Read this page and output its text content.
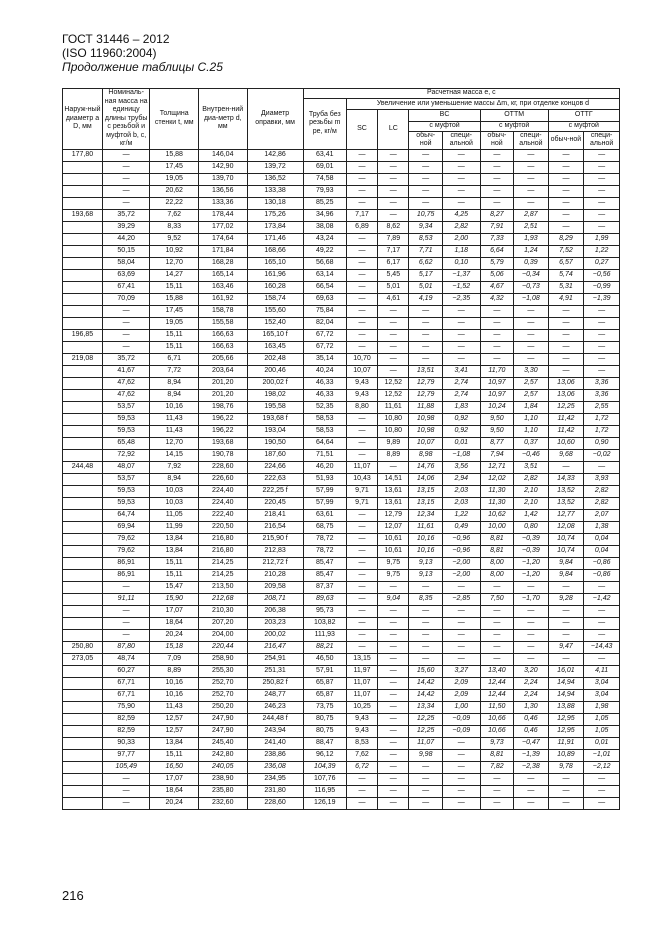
ГОСТ 31446 – 2012
(ISO 11960:2004)
Продолжение таблицы С.25
Наруж-ный диаметр a D, мм	Номиналь-ная масса на единицу длины трубы с резьбой и муфтой b, c, кг/м	Толщина стенки t, мм	Внутрен-ний диа-метр d, мм	Диаметр оправки, мм	Расчетная масса e, c								
					Труба без резьбы m pe, кг/м	Увеличение или уменьшение массы Δm, кг, при отделке концов d							
						SC	LC	BC		ОТТМ		ОТТГ	
								с муфтой		с муфтой		с муфтой	
								обыч-ной	специ-альной	обыч-ной	специ-альной	обыч-ной	специ-альной
177,80	—	15,88	146,04	142,86	63,41	—	—	—	—	—	—	—	—
	—	17,45	142,90	139,72	69,01	—	—	—	—	—	—	—	—
	—	19,05	139,70	136,52	74,58	—	—	—	—	—	—	—	—
	—	20,62	136,56	133,38	79,93	—	—	—	—	—	—	—	—
	—	22,22	133,36	130,18	85,25	—	—	—	—	—	—	—	—
193,68	35,72	7,62	178,44	175,26	34,96	7,17	—	10,75	4,25	8,27	2,87	—	—
	39,29	8,33	177,02	173,84	38,08	6,89	8,62	9,34	2,82	7,91	2,51	—	—
	44,20	9,52	174,64	171,46	43,24	—	7,89	8,53	2,00	7,33	1,93	8,29	1,99
	50,15	10,92	171,84	168,66	49,22	—	7,17	7,71	1,18	6,64	1,24	7,52	1,22
	58,04	12,70	168,28	165,10	56,68	—	6,17	6,62	0,10	5,79	0,39	6,57	0,27
	63,69	14,27	165,14	161,96	63,14	—	5,45	5,17	−1,37	5,06	−0,34	5,74	−0,56
	67,41	15,11	163,46	160,28	66,54	—	5,01	5,01	−1,52	4,67	−0,73	5,31	−0,99
	70,09	15,88	161,92	158,74	69,63	—	4,61	4,19	−2,35	4,32	−1,08	4,91	−1,39
	—	17,45	158,78	155,60	75,84	—	—	—	—	—	—	—	—
	—	19,05	155,58	152,40	82,04	—	—	—	—	—	—	—	—
196,85	—	15,11	166,63	165,10 f	67,72	—	—	—	—	—	—	—	—
	—	15,11	166,63	163,45	67,72	—	—	—	—	—	—	—	—
219,08	35,72	6,71	205,66	202,48	35,14	10,70	—	—	—	—	—	—	—
	41,67	7,72	203,64	200,46	40,24	10,07	—	13,51	3,41	11,70	3,30	—	—
	47,62	8,94	201,20	200,02 f	46,33	9,43	12,52	12,79	2,74	10,97	2,57	13,06	3,36
	47,62	8,94	201,20	198,02	46,33	9,43	12,52	12,79	2,74	10,97	2,57	13,06	3,36
	53,57	10,16	198,76	195,58	52,35	8,80	11,61	11,88	1,83	10,24	1,84	12,25	2,55
	59,53	11,43	196,22	193,68 f	58,53	—	10,80	10,98	0,92	9,50	1,10	11,42	1,72
	59,53	11,43	196,22	193,04	58,53	—	10,80	10,98	0,92	9,50	1,10	11,42	1,72
	65,48	12,70	193,68	190,50	64,64	—	9,89	10,07	0,01	8,77	0,37	10,60	0,90
	72,92	14,15	190,78	187,60	71,51	—	8,89	8,98	−1,08	7,94	−0,46	9,68	−0,02
244,48	48,07	7,92	228,60	224,66	46,20	11,07	—	14,76	3,56	12,71	3,51	—	—
	53,57	8,94	226,60	222,63	51,93	10,43	14,51	14,06	2,94	12,02	2,82	14,33	3,93
	59,53	10,03	224,40	222,25 f	57,99	9,71	13,61	13,15	2,03	11,30	2,10	13,52	2,82
	59,53	10,03	224,40	220,45	57,99	9,71	13,61	13,15	2,03	11,30	2,10	13,52	2,82
	64,74	11,05	222,40	218,41	63,61	—	12,79	12,34	1,22	10,62	1,42	12,77	2,07
	69,94	11,99	220,50	216,54	68,75	—	12,07	11,61	0,49	10,00	0,80	12,08	1,38
	79,62	13,84	216,80	215,90 f	78,72	—	10,61	10,16	−0,96	8,81	−0,39	10,74	0,04
	79,62	13,84	216,80	212,83	78,72	—	10,61	10,16	−0,96	8,81	−0,39	10,74	0,04
	86,91	15,11	214,25	212,72 f	85,47	—	9,75	9,13	−2,00	8,00	−1,20	9,84	−0,86
	86,91	15,11	214,25	210,28	85,47	—	9,75	9,13	−2,00	8,00	−1,20	9,84	−0,86
	—	15,47	213,50	209,58	87,37	—	—	—	—	—	—	—	—
	91,11	15,90	212,68	208,71	89,63	—	9,04	8,35	−2,85	7,50	−1,70	9,28	−1,42
	—	17,07	210,30	206,38	95,73	—	—	—	—	—	—	—	—
	—	18,64	207,20	203,23	103,82	—	—	—	—	—	—	—	—
	—	20,24	204,00	200,02	111,93	—	—	—	—	—	—	—	—
250,80	87,80	15,18	220,44	216,47	88,21	—	—	—	—	—	—	9,47	−14,43
273,05	48,74	7,09	258,90	254,91	46,50	13,15	—	—	—	—	—	—	—
	60,27	8,89	255,30	251,31	57,91	11,97	—	15,60	3,27	13,40	3,20	16,01	4,11
	67,71	10,16	252,70	250,82 f	65,87	11,07	—	14,42	2,09	12,44	2,24	14,94	3,04
	67,71	10,16	252,70	248,77	65,87	11,07	—	14,42	2,09	12,44	2,24	14,94	3,04
	75,90	11,43	250,20	246,23	73,75	10,25	—	13,34	1,00	11,50	1,30	13,88	1,98
	82,59	12,57	247,90	244,48 f	80,75	9,43	—	12,25	−0,09	10,66	0,46	12,95	1,05
	82,59	12,57	247,90	243,94	80,75	9,43	—	12,25	−0,09	10,66	0,46	12,95	1,05
	90,33	13,84	245,40	241,40	88,47	8,53	—	11,07	—	9,73	−0,47	11,91	0,01
	97,77	15,11	242,80	238,86	96,12	7,62	—	9,98	—	8,81	−1,39	10,89	−1,01
	105,49	16,50	240,05	236,08	104,39	6,72	—	—	—	7,82	−2,38	9,78	−2,12
	—	17,07	238,90	234,95	107,76	—	—	—	—	—	—	—	—
	—	18,64	235,80	231,80	116,95	—	—	—	—	—	—	—	—
	—	20,24	232,60	228,60	126,19	—	—	—	—	—	—	—	—
216
